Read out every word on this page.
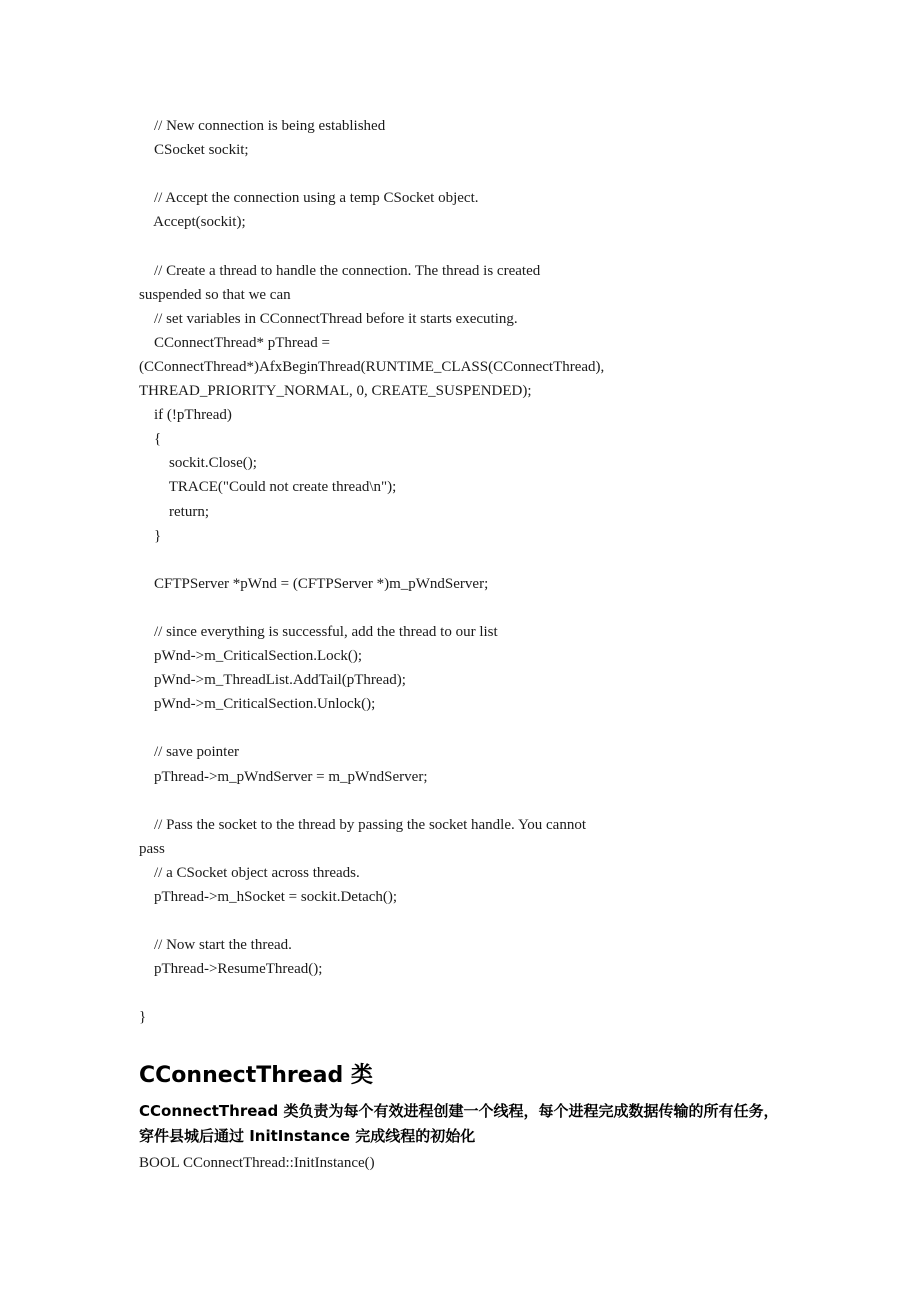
// New connection is being established
CSocket sockit;
// Accept the connection using a temp CSocket object.
Accept(sockit);
// Create a thread to handle the connection. The thread is created
suspended so that we can
// set variables in CConnectThread before it starts executing.
CConnectThread* pThread =
(CConnectThread*)AfxBeginThread(RUNTIME_CLASS(CConnectThread),
THREAD_PRIORITY_NORMAL, 0, CREATE_SUSPENDED);
if (!pThread)
{
sockit.Close();
TRACE("Could not create thread\n");
return;
}
CFTPServer *pWnd = (CFTPServer *)m_pWndServer;
// since everything is successful, add the thread to our list
pWnd->m_CriticalSection.Lock();
pWnd->m_ThreadList.AddTail(pThread);
pWnd->m_CriticalSection.Unlock();
// save pointer
pThread->m_pWndServer = m_pWndServer;
// Pass the socket to the thread by passing the socket handle. You cannot
pass
// a CSocket object across threads.
pThread->m_hSocket = sockit.Detach();
// Now start the thread.
pThread->ResumeThread();
}
CConnectThread 类
CConnectThread 类负责为每个有效进程创建一个线程，每个进程完成数据传输的所有任务，
穿件县城后通过 InitInstance 完成线程的初始化
BOOL CConnectThread::InitInstance()
